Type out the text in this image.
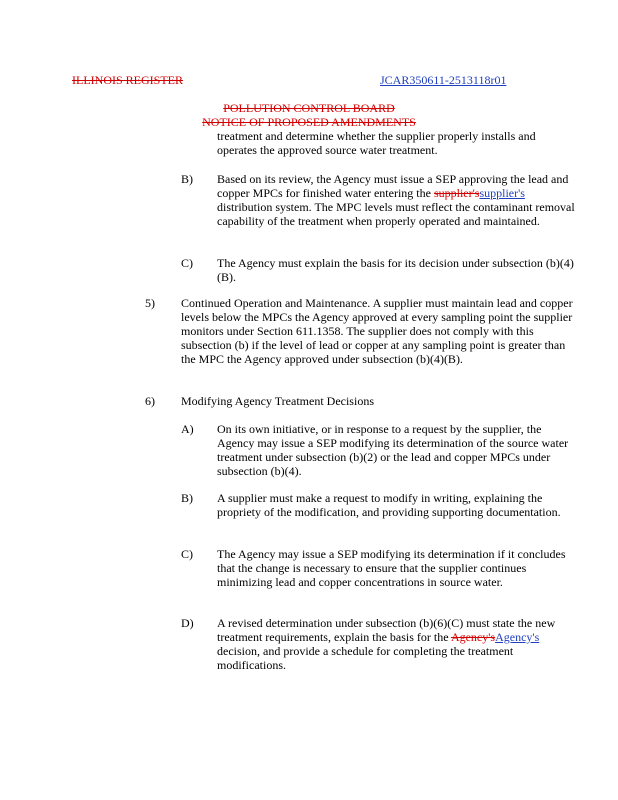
ILLINOIS REGISTER	JCAR350611-2513118r01
POLLUTION CONTROL BOARD
NOTICE OF PROPOSED AMENDMENTS

treatment and determine whether the supplier properly installs and operates the approved source water treatment.

B) Based on its review, the Agency must issue a SEP approving the lead and copper MPCs for finished water entering the supplier'ssupplier's distribution system. The MPC levels must reflect the contaminant removal capability of the treatment when properly operated and maintained.

C) The Agency must explain the basis for its decision under subsection (b)(4)(B).

5) Continued Operation and Maintenance. A supplier must maintain lead and copper levels below the MPCs the Agency approved at every sampling point the supplier monitors under Section 611.1358. The supplier does not comply with this subsection (b) if the level of lead or copper at any sampling point is greater than the MPC the Agency approved under subsection (b)(4)(B).

6) Modifying Agency Treatment Decisions

A) On its own initiative, or in response to a request by the supplier, the Agency may issue a SEP modifying its determination of the source water treatment under subsection (b)(2) or the lead and copper MPCs under subsection (b)(4).

B) A supplier must make a request to modify in writing, explaining the propriety of the modification, and providing supporting documentation.

C) The Agency may issue a SEP modifying its determination if it concludes that the change is necessary to ensure that the supplier continues minimizing lead and copper concentrations in source water.

D) A revised determination under subsection (b)(6)(C) must state the new treatment requirements, explain the basis for the Agency'sAgency's decision, and provide a schedule for completing the treatment modifications.
